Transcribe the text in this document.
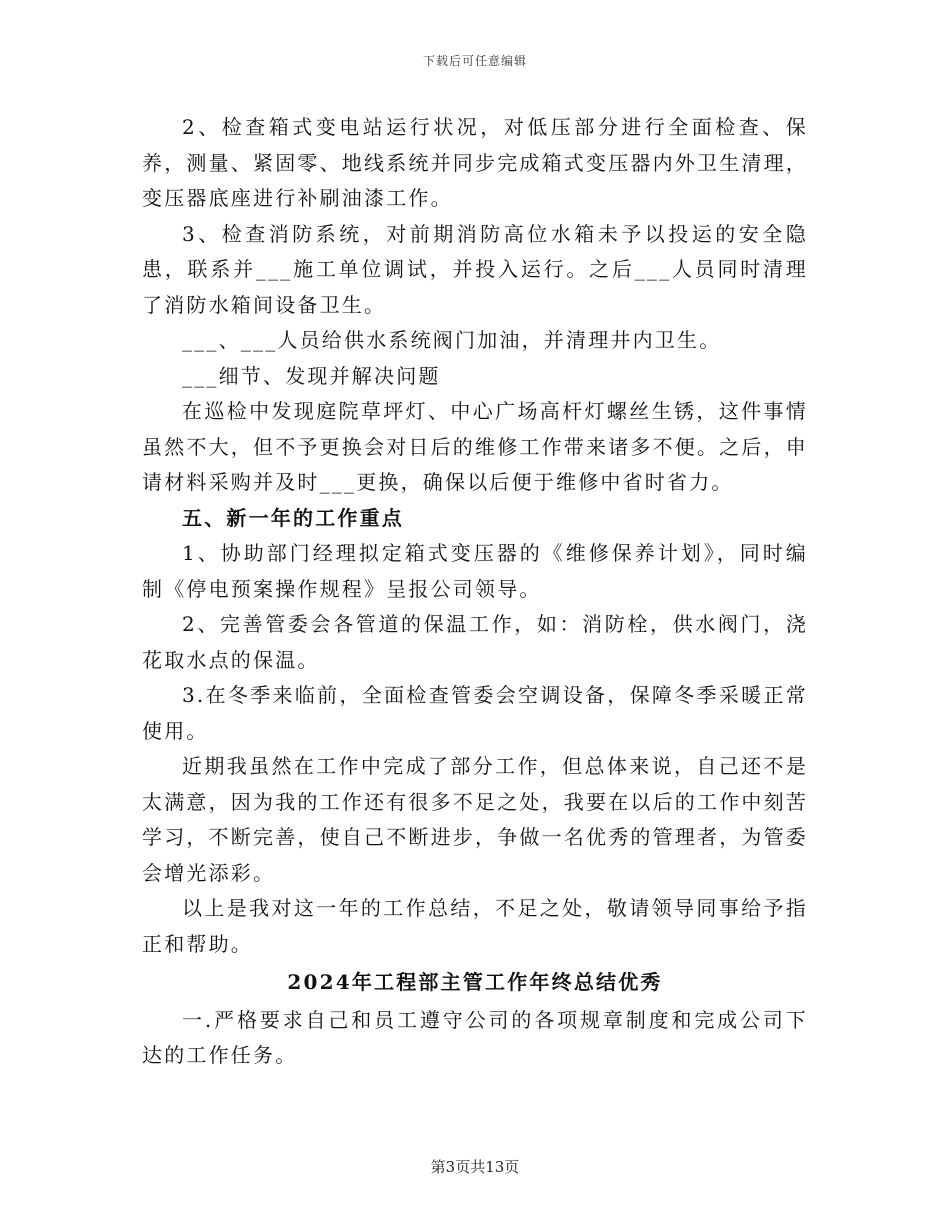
下载后可任意编辑

2、检查箱式变电站运行状况，对低压部分进行全面检查、保养，测量、紧固零、地线系统并同步完成箱式变压器内外卫生清理，变压器底座进行补刷油漆工作。

3、检查消防系统，对前期消防高位水箱未予以投运的安全隐患，联系并___施工单位调试，并投入运行。之后___人员同时清理了消防水箱间设备卫生。

___、___人员给供水系统阀门加油，并清理井内卫生。

___细节、发现并解决问题

在巡检中发现庭院草坪灯、中心广场高杆灯螺丝生锈，这件事情虽然不大，但不予更换会对日后的维修工作带来诸多不便。之后，申请材料采购并及时___更换，确保以后便于维修中省时省力。

五、新一年的工作重点

1、协助部门经理拟定箱式变压器的《维修保养计划》，同时编制《停电预案操作规程》呈报公司领导。

2、完善管委会各管道的保温工作，如：消防栓，供水阀门，浇花取水点的保温。

3.在冬季来临前，全面检查管委会空调设备，保障冬季采暖正常使用。

近期我虽然在工作中完成了部分工作，但总体来说，自己还不是太满意，因为我的工作还有很多不足之处，我要在以后的工作中刻苦学习，不断完善，使自己不断进步，争做一名优秀的管理者，为管委会增光添彩。

以上是我对这一年的工作总结，不足之处，敬请领导同事给予指正和帮助。

2024年工程部主管工作年终总结优秀

一.严格要求自己和员工遵守公司的各项规章制度和完成公司下达的工作任务。

第3页共13页
